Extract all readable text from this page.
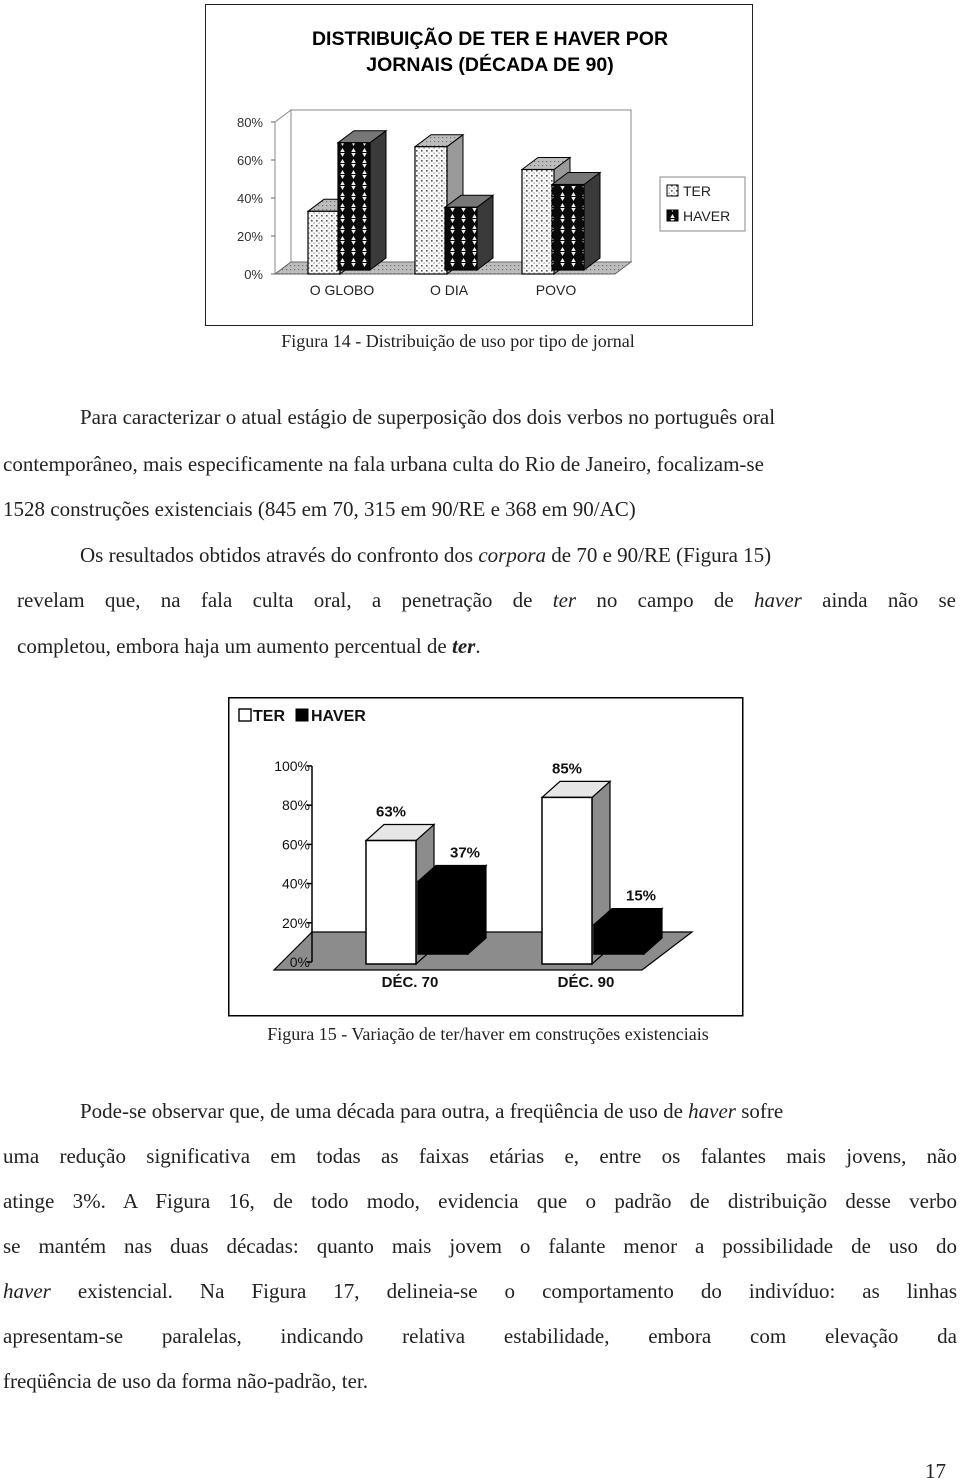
DISTRIBUIÇÃO DE TER E HAVER POR
JORNAIS (DÉCADA DE 90)
0%
20%
40%
60%
80%
O GLOBO	O DIA	POVO
TER
HAVER
Figura 14 - Distribuição de uso por tipo de jornal
Para caracterizar o atual estágio de superposição dos dois verbos no português oral
contemporâneo, mais especificamente na fala urbana culta do Rio de Janeiro, focalizam-se
1528 construções existenciais (845 em 70, 315 em 90/RE e 368 em 90/AC)
Os resultados obtidos através do confronto dos corpora de 70 e 90/RE (Figura 15)
revelam que, na fala culta oral, a penetração de ter no campo de haver ainda não se
completou, embora haja um aumento percentual de ter.
TER HAVER
0%
20%
40%
60%
80%
100%
63%
37%
85%
15%
DÉC. 70	DÉC. 90
Figura 15 - Variação de ter/haver em construções existenciais
Pode-se observar que, de uma década para outra, a freqüência de uso de haver sofre
uma redução significativa em todas as faixas etárias e, entre os falantes mais jovens, não
atinge 3%. A Figura 16, de todo modo, evidencia que o padrão de distribuição desse verbo
se mantém nas duas décadas: quanto mais jovem o falante menor a possibilidade de uso do
haver existencial. Na Figura 17, delineia-se o comportamento do indivíduo: as linhas
apresentam-se paralelas, indicando relativa estabilidade, embora com elevação da
freqüência de uso da forma não-padrão, ter.
17
